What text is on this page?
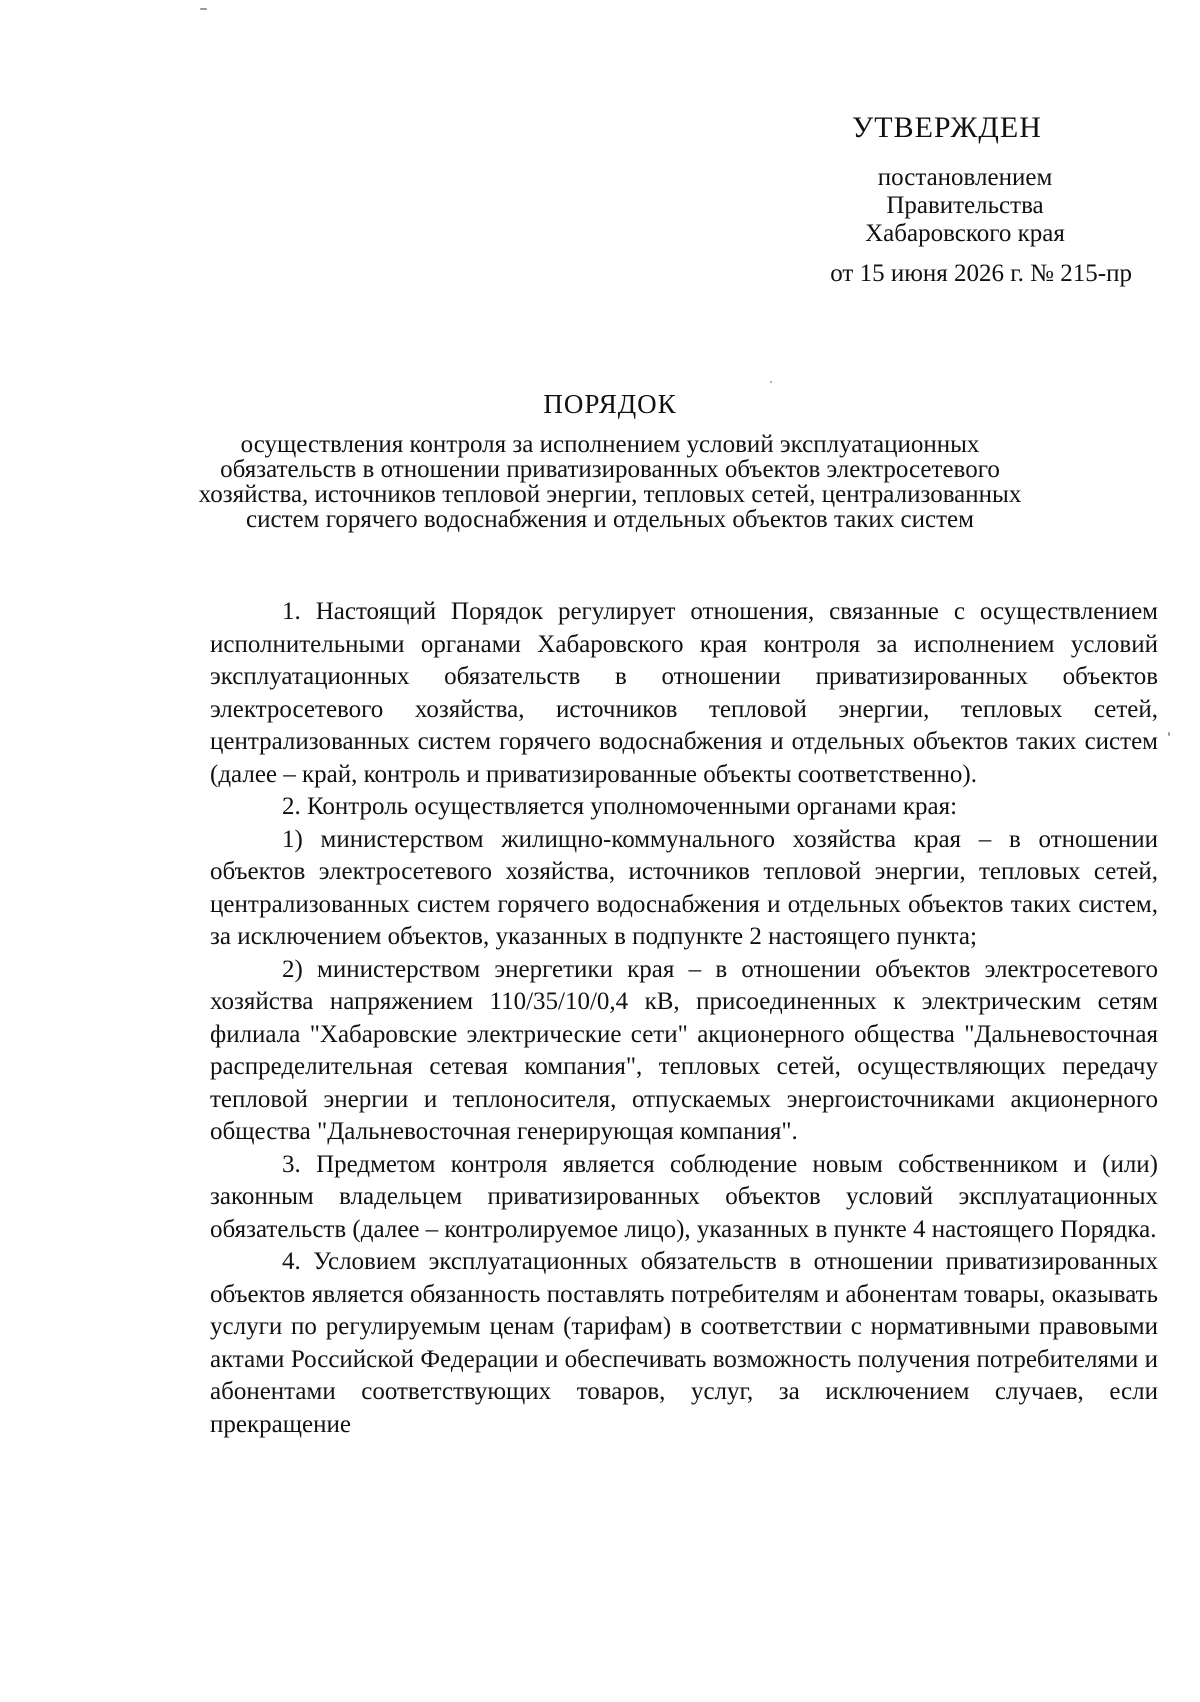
УТВЕРЖДЕН
постановлением
Правительства
Хабаровского края
от 15 июня 2026 г. № 215-пр
ПОРЯДОК
осуществления контроля за исполнением условий эксплуатационных
обязательств в отношении приватизированных объектов электросетевого
хозяйства, источников тепловой энергии, тепловых сетей, централизованных
систем горячего водоснабжения и отдельных объектов таких систем

1. Настоящий Порядок регулирует отношения, связанные с осуществлением исполнительными органами Хабаровского края контроля за исполнением условий эксплуатационных обязательств в отношении приватизированных объектов электросетевого хозяйства, источников тепловой энергии, тепловых сетей, централизованных систем горячего водоснабжения и отдельных объектов таких систем (далее – край, контроль и приватизированные объекты соответственно).

2. Контроль осуществляется уполномоченными органами края:

1) министерством жилищно-коммунального хозяйства края – в отношении объектов электросетевого хозяйства, источников тепловой энергии, тепловых сетей, централизованных систем горячего водоснабжения и отдельных объектов таких систем, за исключением объектов, указанных в подпункте 2 настоящего пункта;

2) министерством энергетики края – в отношении объектов электросетевого хозяйства напряжением 110/35/10/0,4 кВ, присоединенных к электрическим сетям филиала "Хабаровские электрические сети" акционерного общества "Дальневосточная распределительная сетевая компания", тепловых сетей, осуществляющих передачу тепловой энергии и теплоносителя, отпускаемых энергоисточниками акционерного общества "Дальневосточная генерирующая компания".

3. Предметом контроля является соблюдение новым собственником и (или) законным владельцем приватизированных объектов условий эксплуатационных обязательств (далее – контролируемое лицо), указанных в пункте 4 настоящего Порядка.

4. Условием эксплуатационных обязательств в отношении приватизированных объектов является обязанность поставлять потребителям и абонентам товары, оказывать услуги по регулируемым ценам (тарифам) в соответствии с нормативными правовыми актами Российской Федерации и обеспечивать возможность получения потребителями и абонентами соответствующих товаров, услуг, за исключением случаев, если прекращение
